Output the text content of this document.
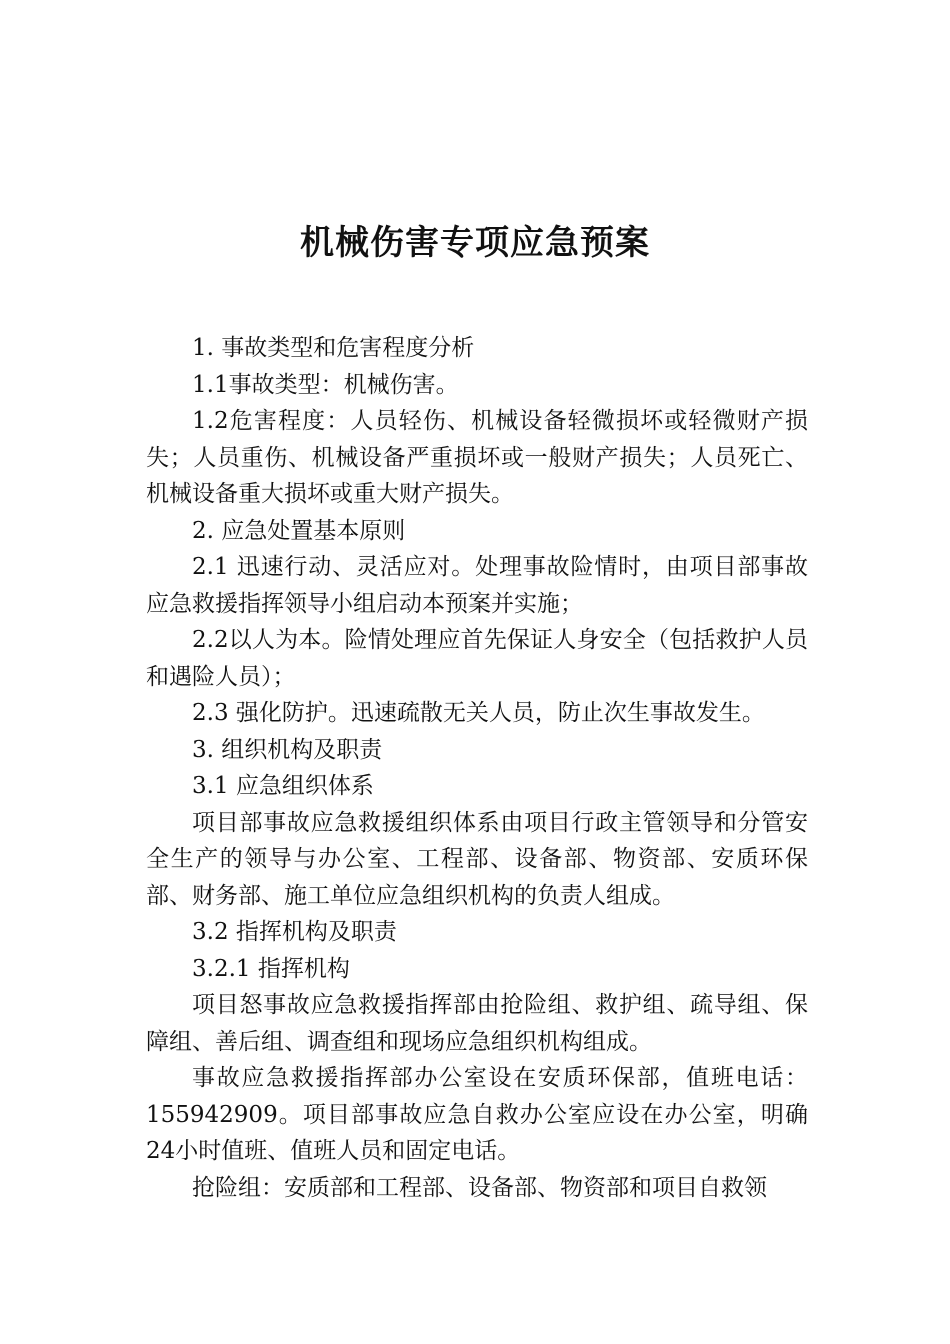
机械伤害专项应急预案

1. 事故类型和危害程度分析

1.1事故类型：机械伤害。

1.2危害程度：人员轻伤、机械设备轻微损坏或轻微财产损失；人员重伤、机械设备严重损坏或一般财产损失；人员死亡、机械设备重大损坏或重大财产损失。

2. 应急处置基本原则

2.1 迅速行动、灵活应对。处理事故险情时，由项目部事故应急救援指挥领导小组启动本预案并实施；

2.2以人为本。险情处理应首先保证人身安全（包括救护人员和遇险人员）；

2.3 强化防护。迅速疏散无关人员，防止次生事故发生。

3. 组织机构及职责

3.1 应急组织体系

项目部事故应急救援组织体系由项目行政主管领导和分管安全生产的领导与办公室、工程部、设备部、物资部、安质环保部、财务部、施工单位应急组织机构的负责人组成。

3.2 指挥机构及职责

3.2.1 指挥机构

项目怒事故应急救援指挥部由抢险组、救护组、疏导组、保障组、善后组、调查组和现场应急组织机构组成。

事故应急救援指挥部办公室设在安质环保部，值班电话：155942909。项目部事故应急自救办公室应设在办公室，明确24小时值班、值班人员和固定电话。

抢险组：安质部和工程部、设备部、物资部和项目自救领
